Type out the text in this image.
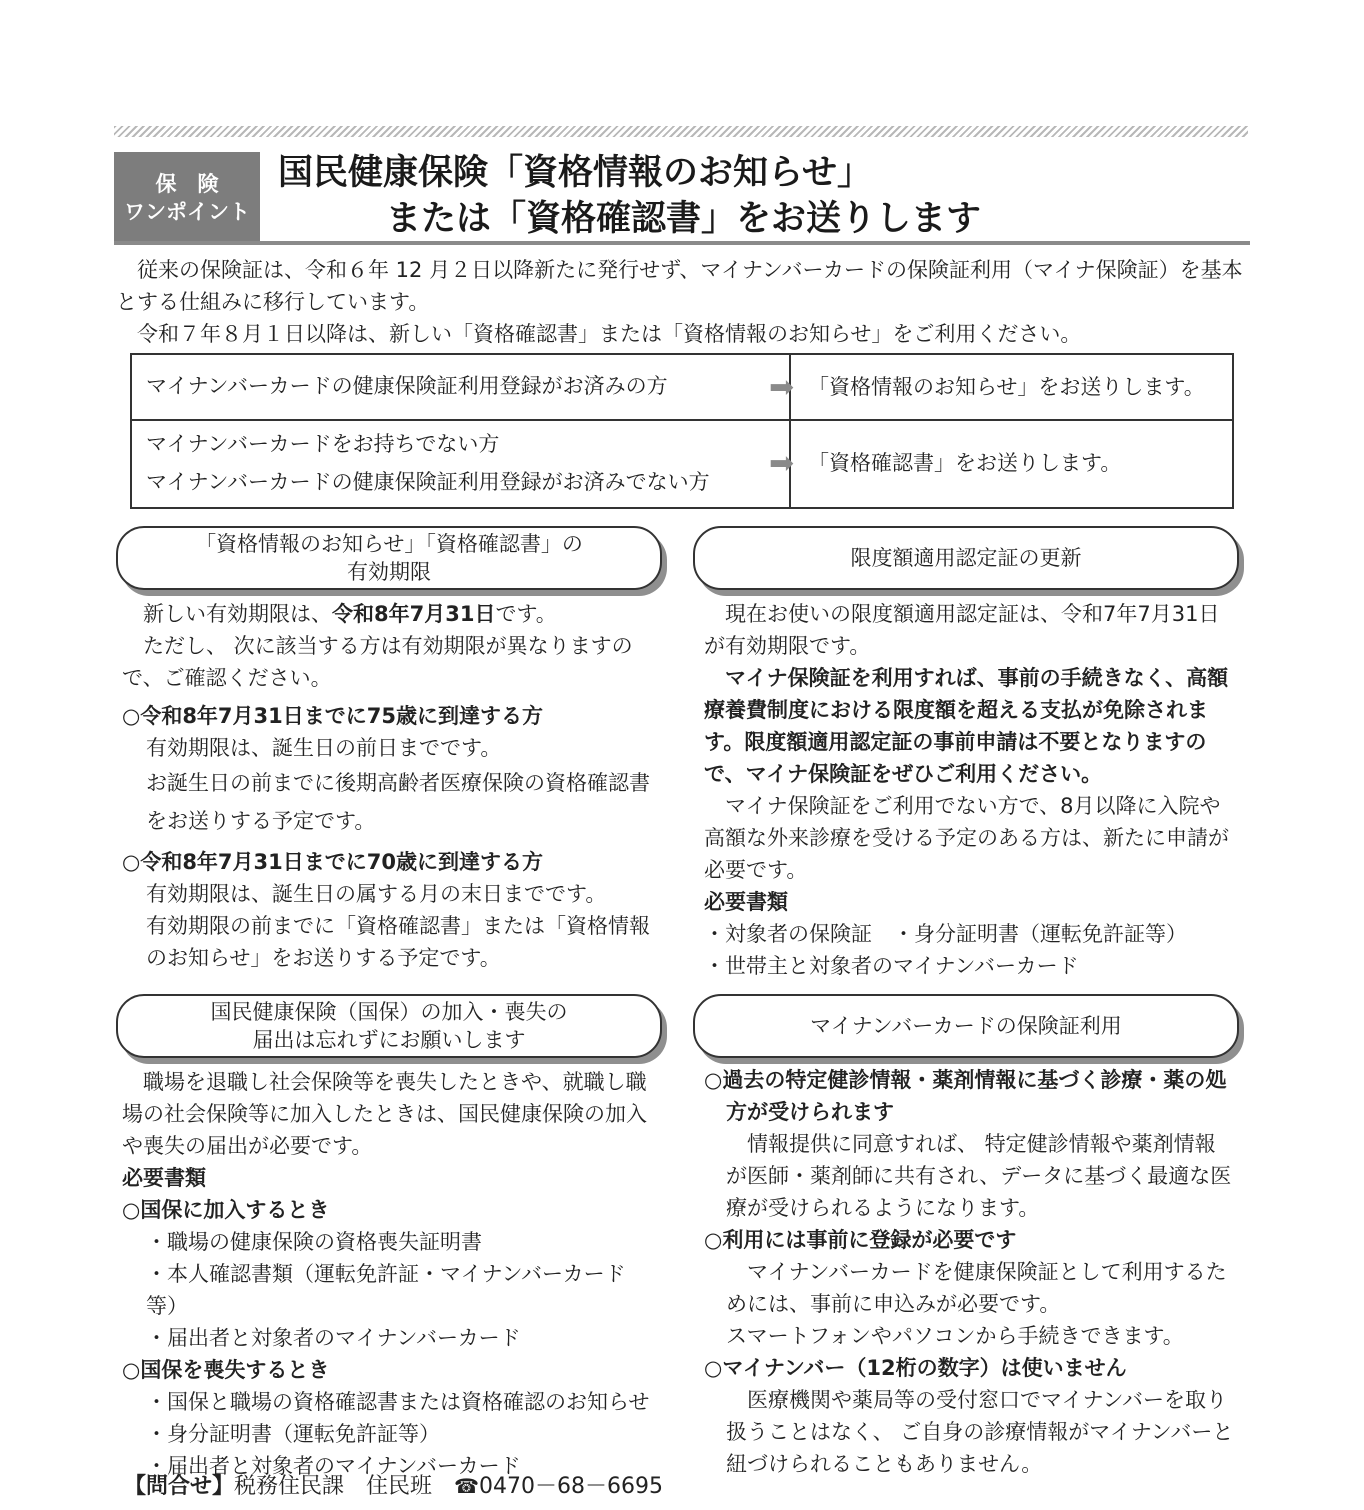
保　険
ワンポイント
国民健康保険「資格情報のお知らせ」
または「資格確認書」をお送りします

従来の保険証は、令和６年 12 月２日以降新たに発行せず、マイナンバーカードの保険証利用（マイナ保険証）を基本とする仕組みに移行しています。

令和７年８月１日以降は、新しい「資格確認書」または「資格情報のお知らせ」をご利用ください。

マイナンバーカードの健康保険証利用登録がお済みの方	➡ 「資格情報のお知らせ」をお送りします。
マイナンバーカードをお持ちでない方
マイナンバーカードの健康保険証利用登録がお済みでない方
➡ 「資格確認書」をお送りします。
「資格情報のお知らせ」「資格確認書」の
有効期限

新しい有効期限は、令和8年7月31日です。

ただし、 次に該当する方は有効期限が異なりますので、ご確認ください。

○令和8年7月31日までに75歳に到達する方

有効期限は、誕生日の前日までです。

お誕生日の前までに後期高齢者医療保険の資格確認書をお送りする予定です。

○令和8年7月31日までに70歳に到達する方

有効期限は、誕生日の属する月の末日までです。

有効期限の前までに「資格確認書」または「資格情報のお知らせ」をお送りする予定です。

限度額適用認定証の更新

現在お使いの限度額適用認定証は、令和7年7月31日が有効期限です。

マイナ保険証を利用すれば、事前の手続きなく、高額療養費制度における限度額を超える支払が免除されます。限度額適用認定証の事前申請は不要となりますので、マイナ保険証をぜひご利用ください。

マイナ保険証をご利用でない方で、8月以降に入院や高額な外来診療を受ける予定のある方は、新たに申請が必要です。

必要書類

・対象者の保険証　・身分証明書（運転免許証等）

・世帯主と対象者のマイナンバーカード

国民健康保険（国保）の加入・喪失の
届出は忘れずにお願いします

職場を退職し社会保険等を喪失したときや、就職し職場の社会保険等に加入したときは、国民健康保険の加入や喪失の届出が必要です。

必要書類

○国保に加入するとき

・職場の健康保険の資格喪失証明書

・本人確認書類（運転免許証・マイナンバーカード等）

・届出者と対象者のマイナンバーカード

○国保を喪失するとき

・国保と職場の資格確認書または資格確認のお知らせ

・身分証明書（運転免許証等）

・届出者と対象者のマイナンバーカード

マイナンバーカードの保険証利用

○過去の特定健診情報・薬剤情報に基づく診療・薬の処方が受けられます

情報提供に同意すれば、 特定健診情報や薬剤情報が医師・薬剤師に共有され、データに基づく最適な医療が受けられるようになります。

○利用には事前に登録が必要です

マイナンバーカードを健康保険証として利用するためには、事前に申込みが必要です。

スマートフォンやパソコンから手続きできます。

○マイナンバー（12桁の数字）は使いません

医療機関や薬局等の受付窓口でマイナンバーを取り扱うことはなく、 ご自身の診療情報がマイナンバーと紐づけられることもありません。

【問合せ】税務住民課　住民班　 ☎0470－68－6695
